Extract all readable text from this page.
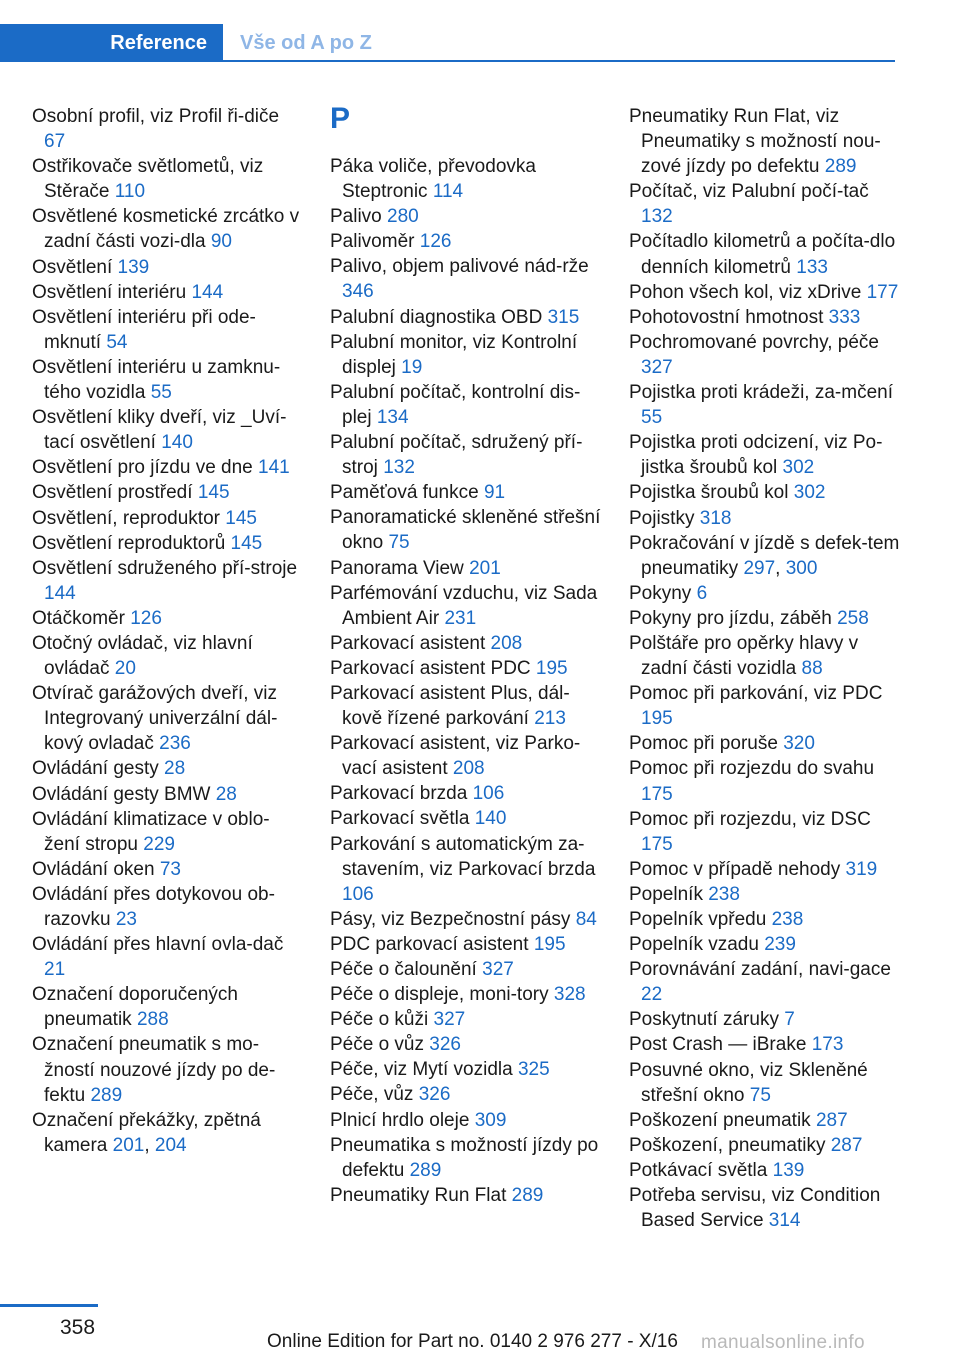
Reference	Vše od A po Z
Osobní profil, viz Profil ři‐diče 67
Ostřikovače světlometů, viz Stěrače 110
Osvětlené kosmetické zrcátko v zadní části vozi‐dla 90
Osvětlení 139
Osvětlení interiéru 144
Osvětlení interiéru při ode‐mknutí 54
Osvětlení interiéru u zamknu‐tého vozidla 55
Osvětlení kliky dveří, viz _Uví‐tací osvětlení 140
Osvětlení pro jízdu ve dne 141
Osvětlení prostředí 145
Osvětlení, reproduktor 145
Osvětlení reproduktorů 145
Osvětlení sdruženého pří‐stroje 144
Otáčkoměr 126
Otočný ovládač, viz hlavní ovládač 20
Otvírač garážových dveří, viz Integrovaný univerzální dál‐kový ovladač 236
Ovládání gesty 28
Ovládání gesty BMW 28
Ovládání klimatizace v oblo‐žení stropu 229
Ovládání oken 73
Ovládání přes dotykovou ob‐razovku 23
Ovládání přes hlavní ovla‐dač 21
Označení doporučených pneumatik 288
Označení pneumatik s mo‐žností nouzové jízdy po de‐fektu 289
Označení překážky, zpětná kamera 201, 204
P
Páka voliče, převodovka Steptronic 114
Palivo 280
Palivoměr 126
Palivo, objem palivové nád‐rže 346
Palubní diagnostika OBD 315
Palubní monitor, viz Kontrolní displej 19
Palubní počítač, kontrolní dis‐plej 134
Palubní počítač, sdružený pří‐stroj 132
Paměťová funkce 91
Panoramatické skleněné střešní okno 75
Panorama View 201
Parfémování vzduchu, viz Sada Ambient Air 231
Parkovací asistent 208
Parkovací asistent PDC 195
Parkovací asistent Plus, dál‐kově řízené parkování 213
Parkovací asistent, viz Parko‐vací asistent 208
Parkovací brzda 106
Parkovací světla 140
Parkování s automatickým za‐stavením, viz Parkovací brzda 106
Pásy, viz Bezpečnostní pásy 84
PDC parkovací asistent 195
Péče o čalounění 327
Péče o displeje, moni‐tory 328
Péče o kůži 327
Péče o vůz 326
Péče, viz Mytí vozidla 325
Péče, vůz 326
Plnicí hrdlo oleje 309
Pneumatika s možností jízdy po defektu 289
Pneumatiky Run Flat 289
Pneumatiky Run Flat, viz Pneumatiky s možností nou‐zové jízdy po defektu 289
Počítač, viz Palubní počí‐tač 132
Počítadlo kilometrů a počíta‐dlo denních kilometrů 133
Pohon všech kol, viz xDrive 177
Pohotovostní hmotnost 333
Pochromované povrchy, péče 327
Pojistka proti krádeži, za‐mčení 55
Pojistka proti odcizení, viz Po‐jistka šroubů kol 302
Pojistka šroubů kol 302
Pojistky 318
Pokračování v jízdě s defek‐tem pneumatiky 297, 300
Pokyny 6
Pokyny pro jízdu, záběh 258
Polštáře pro opěrky hlavy v zadní části vozidla 88
Pomoc při parkování, viz PDC 195
Pomoc při poruše 320
Pomoc při rozjezdu do svahu 175
Pomoc při rozjezdu, viz DSC 175
Pomoc v případě nehody 319
Popelník 238
Popelník vpředu 238
Popelník vzadu 239
Porovnávání zadání, navi‐gace 22
Poskytnutí záruky 7
Post Crash — iBrake 173
Posuvné okno, viz Skleněné střešní okno 75
Poškození pneumatik 287
Poškození, pneumatiky 287
Potkávací světla 139
Potřeba servisu, viz Condition Based Service 314
358
Online Edition for Part no. 0140 2 976 277 - X/16 manualsonline.info
